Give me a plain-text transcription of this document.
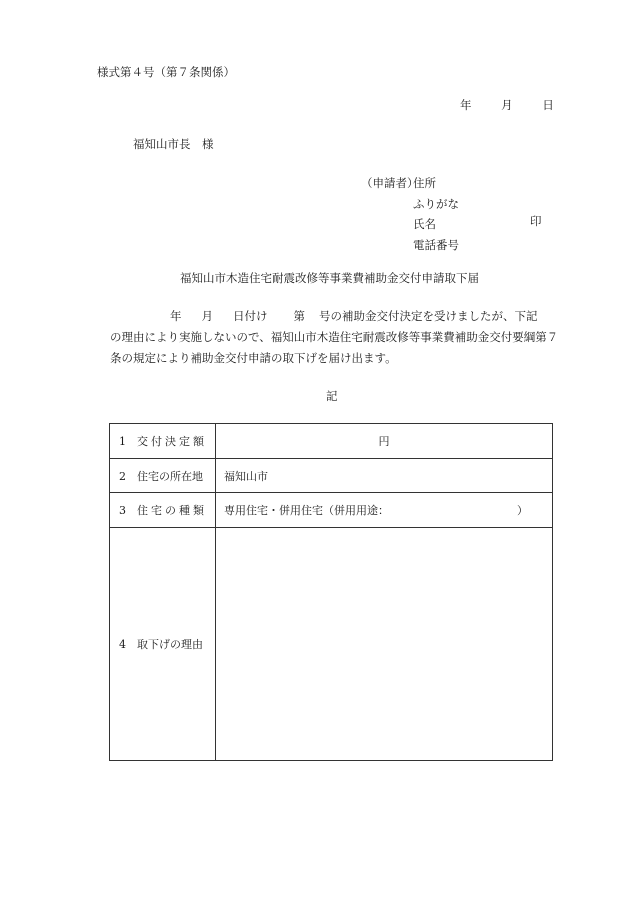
様式第４号（第７条関係）
年	月	日
福知山市長　様
（申請者）
住所
ふりがな
氏名
電話番号
印
福知山市木造住宅耐震改修等事業費補助金交付申請取下届
年 月 日付け 第 号の補助金交付決定を受けましたが、下記
の理由により実施しないので、福知山市木造住宅耐震改修等事業費補助金交付要綱第７
条の規定により補助金交付申請の取下げを届け出ます。
記
1　 交付決定額	円
2　 住宅の所在地	福知山市
3　 住宅の種類	専用住宅・併用住宅（併用用途： ）
4　 取下げの理由	
